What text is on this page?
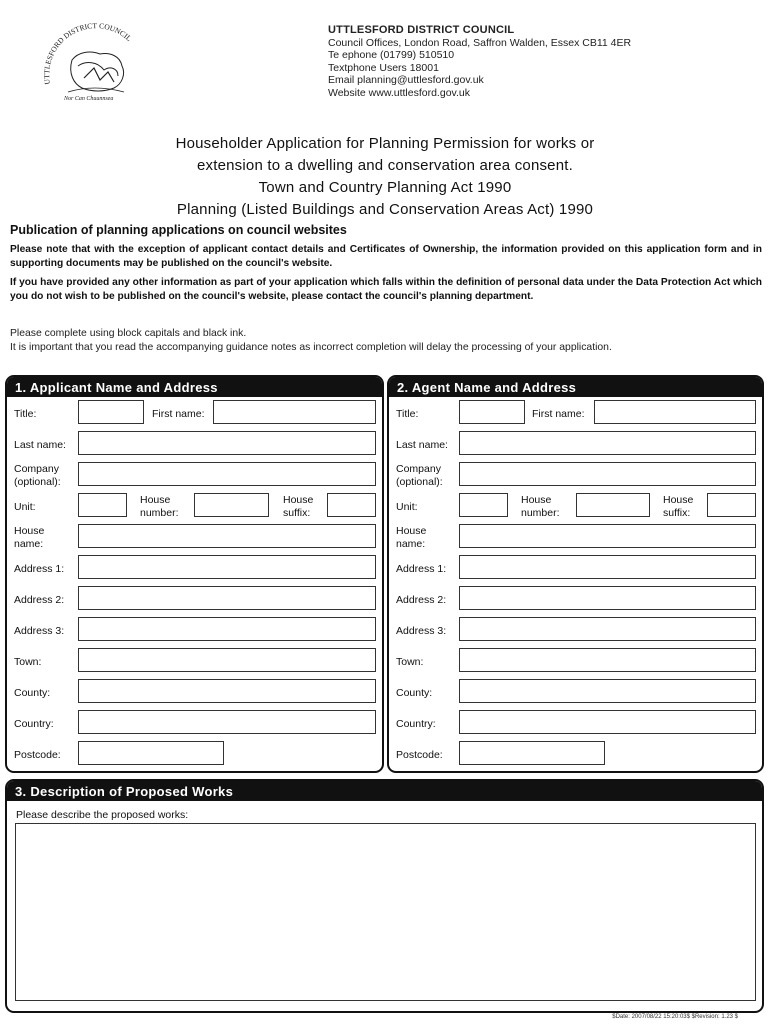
UTTLESFORD DISTRICT COUNCIL
Nor Can Chuunnsea
UTTLESFORD DISTRICT COUNCIL
Council Offices, London Road, Saffron Walden, Essex CB11 4ER
Te ephone (01799) 510510
Textphone Users 18001
Email planning@uttlesford.gov.uk
Website www.uttlesford.gov.uk
Householder Application for Planning Permission for works or
extension to a dwelling and conservation area consent.
Town and Country Planning Act 1990
Planning (Listed Buildings and Conservation Areas Act) 1990
Publication of planning applications on council websites
Please note that with the exception of applicant contact details and Certificates of Ownership, the information provided on this application form and in supporting documents may be published on the council's website.
If you have provided any other information as part of your application which falls within the definition of personal data under the Data Protection Act which you do not wish to be published on the council's website, please contact the council's planning department.
Please complete using block capitals and black ink.
It is important that you read the accompanying guidance notes as incorrect completion will delay the processing of your application.
1. Applicant Name and Address
Title:	First name:
Last name:
Company (optional):
Unit:
House number:
House suffix:
House name:
Address 1:
Address 2:
Address 3:
Town:
County:
Country:
Postcode:
2. Agent Name and Address
Title:	First name:
Last name:
Company (optional):
Unit:
House number:
House suffix:
House name:
Address 1:
Address 2:
Address 3:
Town:
County:
Country:
Postcode:
3. Description of Proposed Works
Please describe the proposed works:
$Date: 2007/08/22 15:20:03$ $Revision: 1.23 $
